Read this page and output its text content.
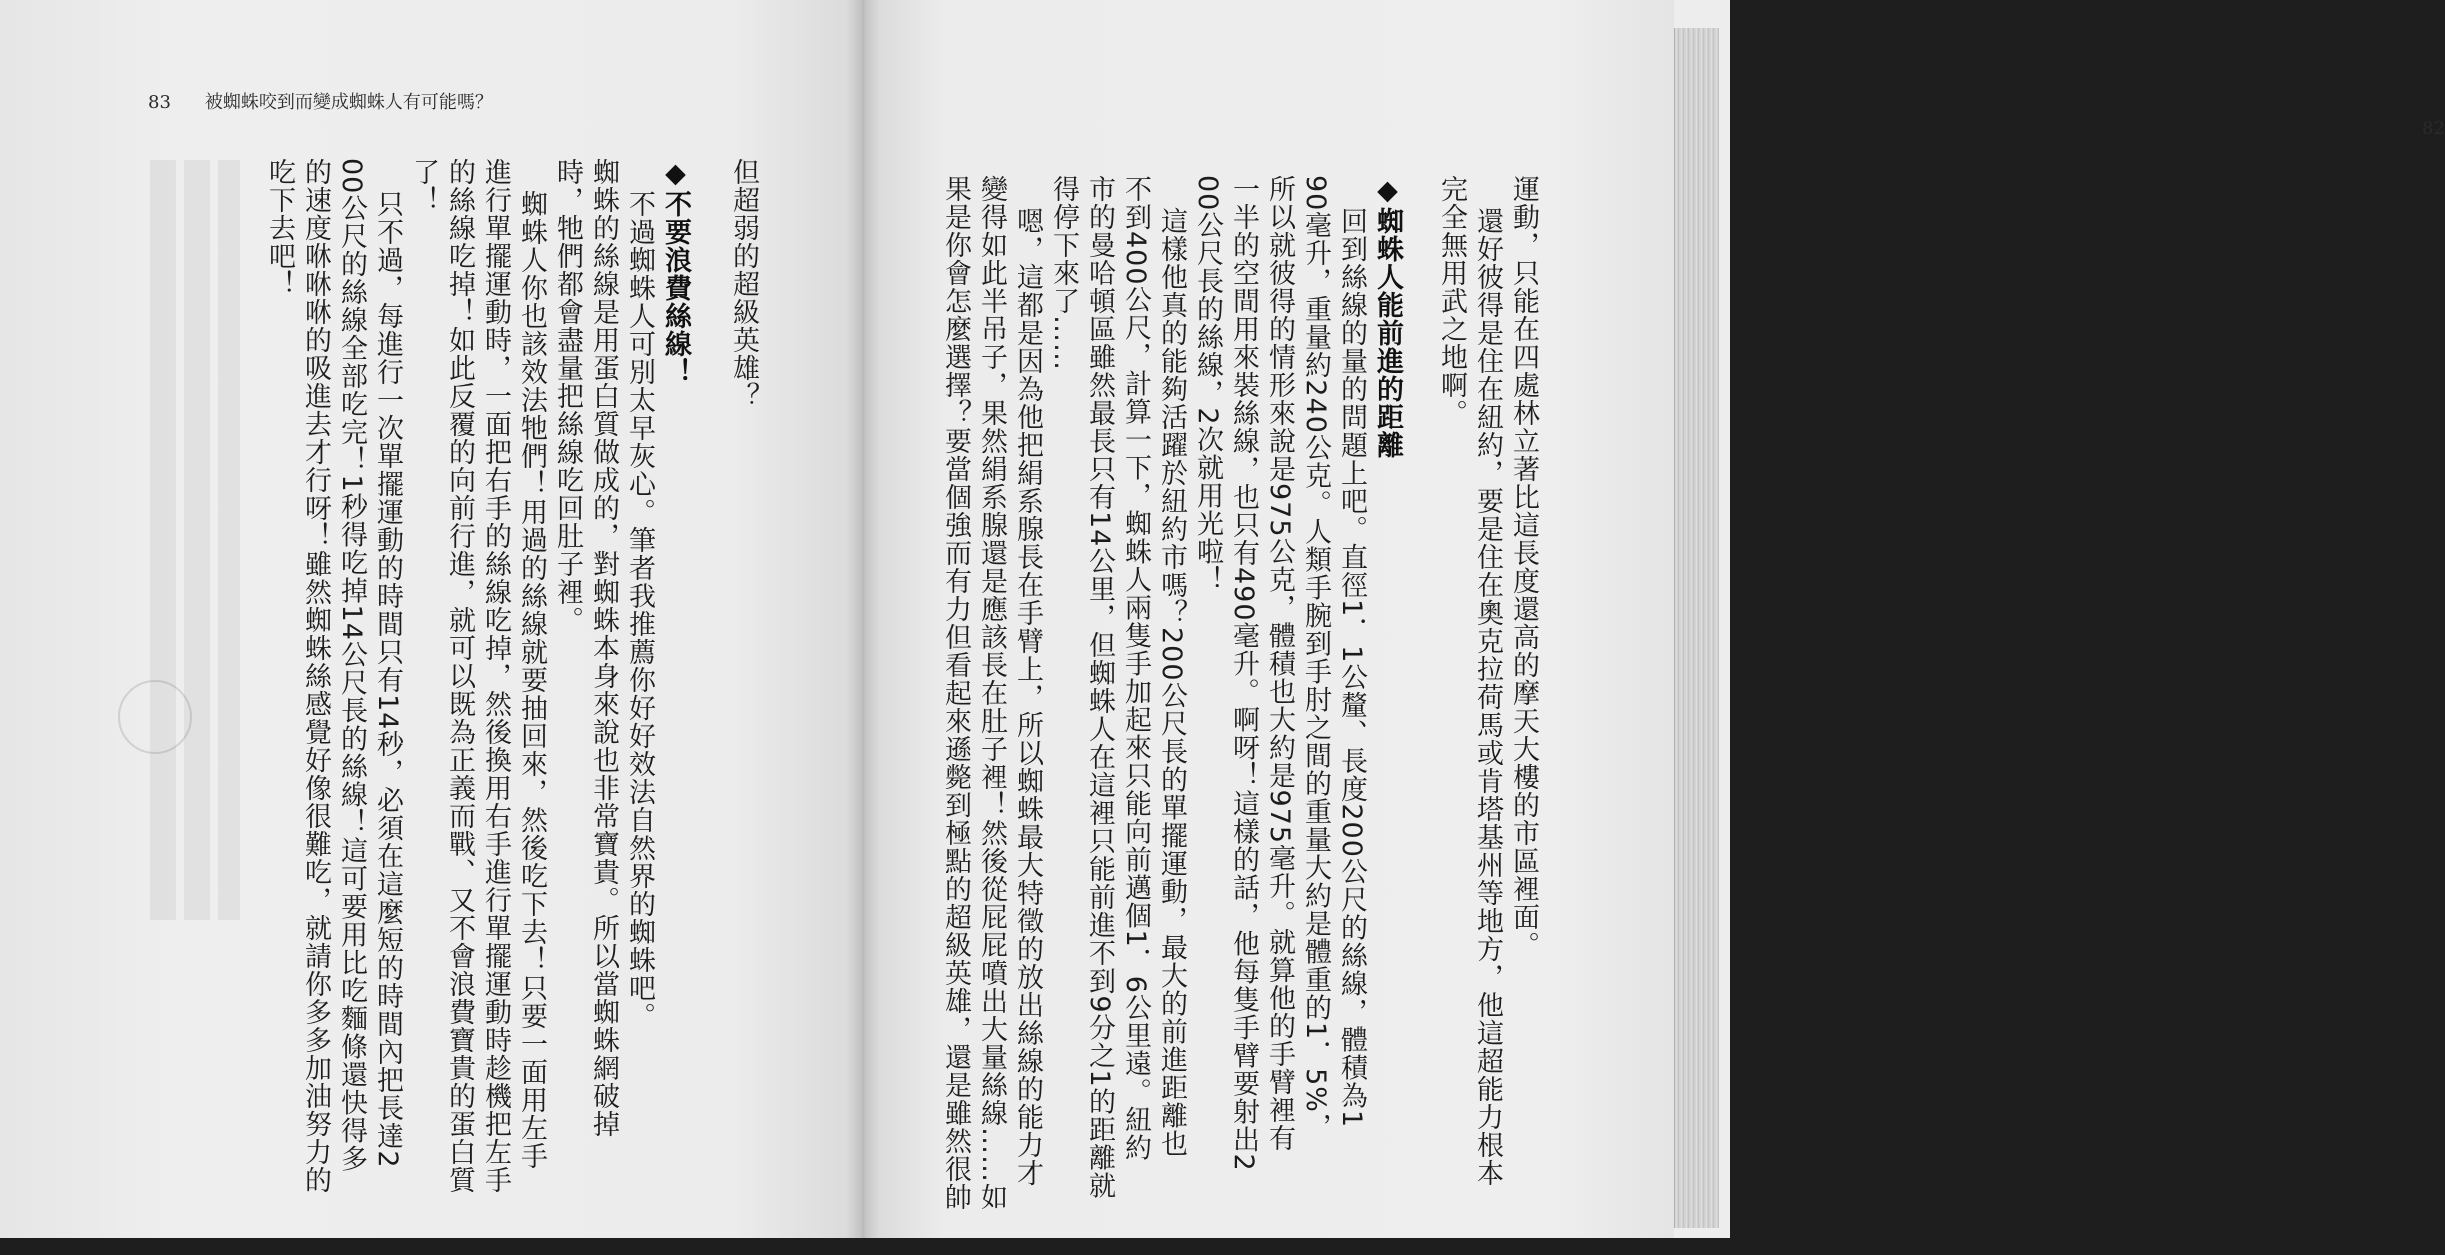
83 被蜘蛛咬到而變成蜘蛛人有可能嗎？
但超弱的超級英雄？
◆不要浪費絲線！
不過蜘蛛人可別太早灰心。筆者我推薦你好好效法自然界的蜘蛛吧。
蜘蛛的絲線是用蛋白質做成的，對蜘蛛本身來說也非常寶貴。所以當蜘蛛網破掉
時，牠們都會盡量把絲線吃回肚子裡。
蜘蛛人你也該效法牠們！用過的絲線就要抽回來，然後吃下去！只要一面用左手
進行單擺運動時，一面把右手的絲線吃掉，然後換用右手進行單擺運動時趁機把左手
的絲線吃掉！如此反覆的向前行進，就可以既為正義而戰、又不會浪費寶貴的蛋白質
了！
只不過，每進行一次單擺運動的時間只有14秒，必須在這麼短的時間內把長達2
00公尺的絲線全部吃完！1秒得吃掉14公尺長的絲線！這可要用比吃麵條還快得多
的速度咻咻咻的吸進去才行呀！雖然蜘蛛絲感覺好像很難吃，就請你多多加油努力的
吃下去吧！
82
運動，只能在四處林立著比這長度還高的摩天大樓的市區裡面。
還好彼得是住在紐約，要是住在奧克拉荷馬或肯塔基州等地方，他這超能力根本
完全無用武之地啊。
◆蜘蛛人能前進的距離
回到絲線的量的問題上吧。直徑1．1公釐、長度200公尺的絲線，體積為1
90毫升，重量約240公克。人類手腕到手肘之間的重量大約是體重的1．5%，
所以就彼得的情形來說是975公克，體積也大約是975毫升。就算他的手臂裡有
一半的空間用來裝絲線，也只有490毫升。啊呀！這樣的話，他每隻手臂要射出2
00公尺長的絲線，2次就用光啦！
這樣他真的能夠活躍於紐約市嗎？200公尺長的單擺運動，最大的前進距離也
不到400公尺，計算一下，蜘蛛人兩隻手加起來只能向前邁個1．6公里遠。紐約
市的曼哈頓區雖然最長只有14公里，但蜘蛛人在這裡只能前進不到9分之1的距離就
得停下來了……
嗯，這都是因為他把絹系腺長在手臂上，所以蜘蛛最大特徵的放出絲線的能力才
變得如此半吊子，果然絹系腺還是應該長在肚子裡！然後從屁屁噴出大量絲線……如
果是你會怎麼選擇？要當個強而有力但看起來遜斃到極點的超級英雄，還是雖然很帥
